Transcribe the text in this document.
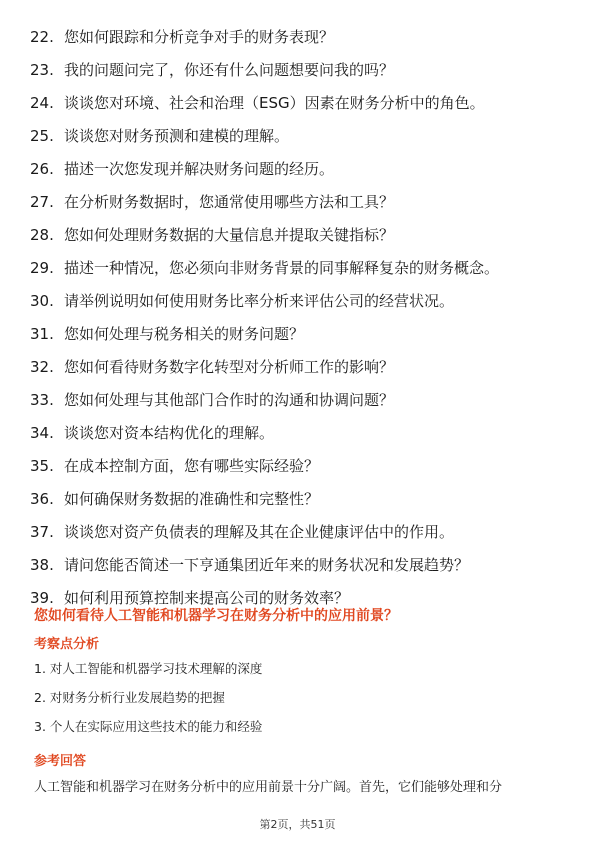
22. 您如何跟踪和分析竞争对手的财务表现？
23. 我的问题问完了，你还有什么问题想要问我的吗？
24. 谈谈您对环境、社会和治理（ESG）因素在财务分析中的角色。
25. 谈谈您对财务预测和建模的理解。
26. 描述一次您发现并解决财务问题的经历。
27. 在分析财务数据时，您通常使用哪些方法和工具？
28. 您如何处理财务数据的大量信息并提取关键指标？
29. 描述一种情况，您必须向非财务背景的同事解释复杂的财务概念。
30. 请举例说明如何使用财务比率分析来评估公司的经营状况。
31. 您如何处理与税务相关的财务问题？
32. 您如何看待财务数字化转型对分析师工作的影响？
33. 您如何处理与其他部门合作时的沟通和协调问题？
34. 谈谈您对资本结构优化的理解。
35. 在成本控制方面，您有哪些实际经验？
36. 如何确保财务数据的准确性和完整性？
37. 谈谈您对资产负债表的理解及其在企业健康评估中的作用。
38. 请问您能否简述一下亨通集团近年来的财务状况和发展趋势？
39. 如何利用预算控制来提高公司的财务效率？
您如何看待人工智能和机器学习在财务分析中的应用前景？
考察点分析
1. 对人工智能和机器学习技术理解的深度
2. 对财务分析行业发展趋势的把握
3. 个人在实际应用这些技术的能力和经验
参考回答
人工智能和机器学习在财务分析中的应用前景十分广阔。首先，它们能够处理和分
第2页，共51页
